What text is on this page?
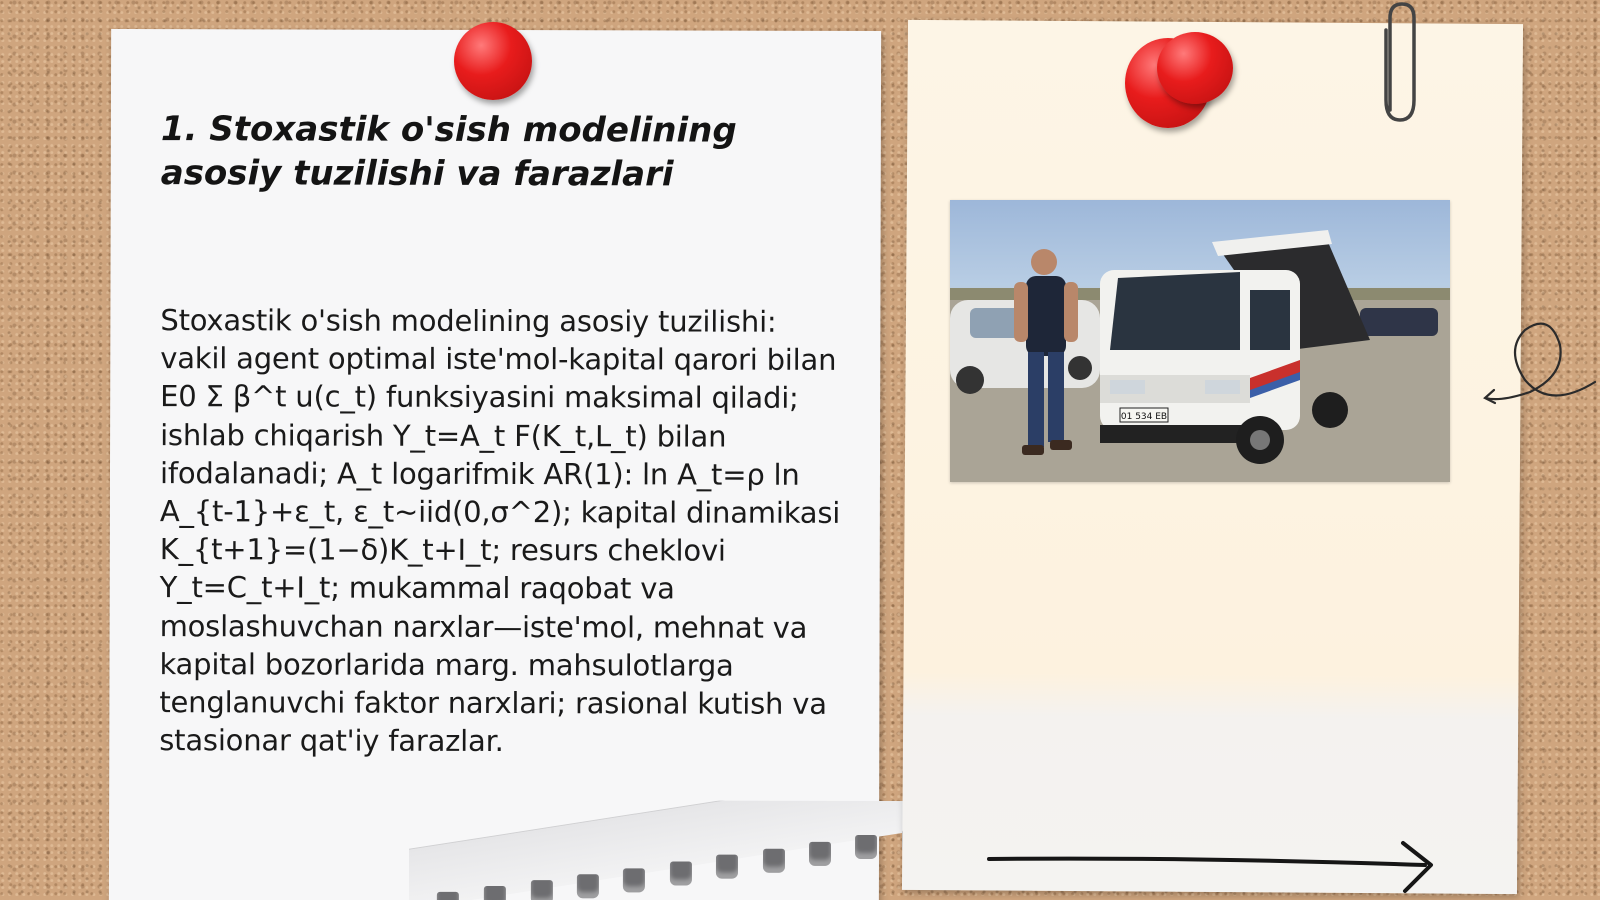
1. Stoxastik o'sish modelining asosiy tuzilishi va farazlari

Stoxastik o'sish modelining asosiy tuzilishi: vakil agent optimal iste'mol-kapital qarori bilan E0 Σ β^t u(c_t) funksiyasini maksimal qiladi; ishlab chiqarish Y_t=A_t F(K_t,L_t) bilan ifodalanadi; A_t logarifmik AR(1): ln A_t=ρ ln A_{t-1}+ε_t, ε_t~iid(0,σ^2); kapital dinamikasi K_{t+1}=(1−δ)K_t+I_t; resurs cheklovi Y_t=C_t+I_t; mukammal raqobat va moslashuvchan narxlar—iste'mol, mehnat va kapital bozorlarida marg. mahsulotlarga tenglanuvchi faktor narxlari; rasional kutish va stasionar qat'iy farazlar.

01 534 EB
